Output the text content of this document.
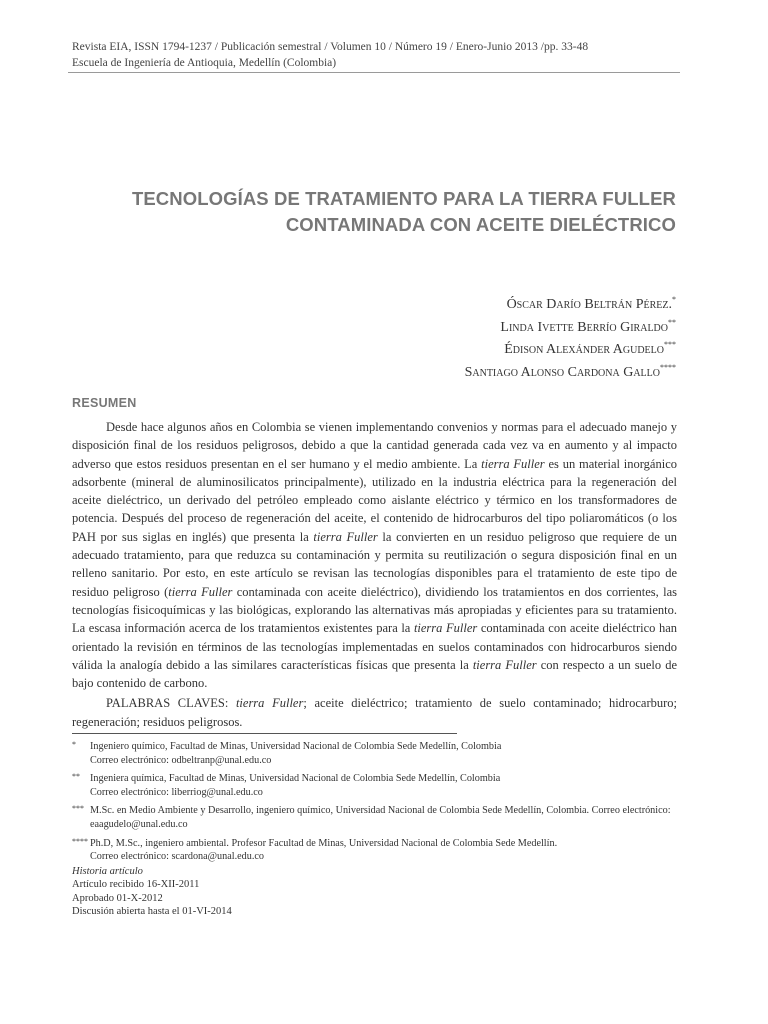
Revista EIA, ISSN 1794-1237 / Publicación semestral / Volumen 10 / Número 19 / Enero-Junio 2013 /pp. 33-48
Escuela de Ingeniería de Antioquia, Medellín (Colombia)
TECNOLOGÍAS DE TRATAMIENTO PARA LA TIERRA FULLER
CONTAMINADA CON ACEITE DIELÉCTRICO
Óscar Darío Beltrán Pérez.*
Linda Ivette Berrío Giraldo**
Édison Alexánder Agudelo***
Santiago Alonso Cardona Gallo****
RESUMEN

Desde hace algunos años en Colombia se vienen implementando convenios y normas para el adecuado manejo y disposición final de los residuos peligrosos, debido a que la cantidad generada cada vez va en aumento y al impacto adverso que estos residuos presentan en el ser humano y el medio ambiente. La tierra Fuller es un material inorgánico adsorbente (mineral de aluminosilicatos principalmente), utilizado en la industria eléctrica para la regeneración del aceite dieléctrico, un derivado del petróleo empleado como aislante eléctrico y térmico en los transformadores de potencia. Después del proceso de regeneración del aceite, el contenido de hidrocarburos del tipo poliaromáticos (o los PAH por sus siglas en inglés) que presenta la tierra Fuller la convierten en un residuo peligroso que requiere de un adecuado tratamiento, para que reduzca su contaminación y permita su reutilización o segura disposición final en un relleno sanitario. Por esto, en este artículo se revisan las tecnologías disponibles para el tratamiento de este tipo de residuo peligroso (tierra Fuller contaminada con aceite dieléctrico), dividiendo los tratamientos en dos corrientes, las tecnologías fisicoquímicas y las biológicas, explorando las alternativas más apropiadas y eficientes para su tratamiento. La escasa información acerca de los tratamientos existentes para la tierra Fuller contaminada con aceite dieléctrico han orientado la revisión en términos de las tecnologías implementadas en suelos contaminados con hidrocarburos siendo válida la analogía debido a las similares características físicas que presenta la tierra Fuller con respecto a un suelo de bajo contenido de carbono.

PALABRAS CLAVES: tierra Fuller; aceite dieléctrico; tratamiento de suelo contaminado; hidrocarburo; regeneración; residuos peligrosos.

* Ingeniero químico, Facultad de Minas, Universidad Nacional de Colombia Sede Medellín, Colombia
Correo electrónico: odbeltranp@unal.edu.co
** Ingeniera química, Facultad de Minas, Universidad Nacional de Colombia Sede Medellín, Colombia
Correo electrónico: liberriog@unal.edu.co
*** M.Sc. en Medio Ambiente y Desarrollo, ingeniero químico, Universidad Nacional de Colombia Sede Medellín, Colombia. Correo electrónico: eaagudelo@unal.edu.co
**** Ph.D, M.Sc., ingeniero ambiental. Profesor Facultad de Minas, Universidad Nacional de Colombia Sede Medellín.
Correo electrónico: scardona@unal.edu.co
Historia artículo
Artículo recibido 16-XII-2011
Aprobado 01-X-2012
Discusión abierta hasta el 01-VI-2014
